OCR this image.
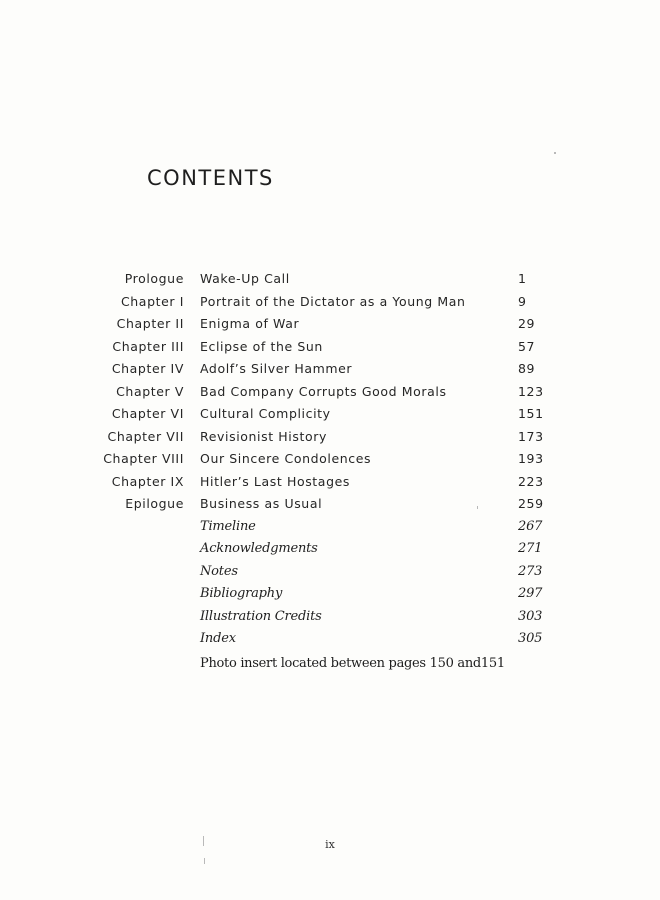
CONTENTS
Prologue Wake-Up Call	1
Chapter I Portrait of the Dictator as a Young Man	9
Chapter II Enigma of War	29
Chapter III Eclipse of the Sun	57
Chapter IV Adolf’s Silver Hammer	89
Chapter V Bad Company Corrupts Good Morals	123
Chapter VI Cultural Complicity	151
Chapter VII Revisionist History	173
Chapter VIII Our Sincere Condolences	193
Chapter IX Hitler’s Last Hostages	223
Epilogue Business as Usual	259
Timeline	267
Acknowledgments	271
Notes	273
Bibliography	297
Illustration Credits	303
Index	305

Photo insert located between pages 150 and151

ix
